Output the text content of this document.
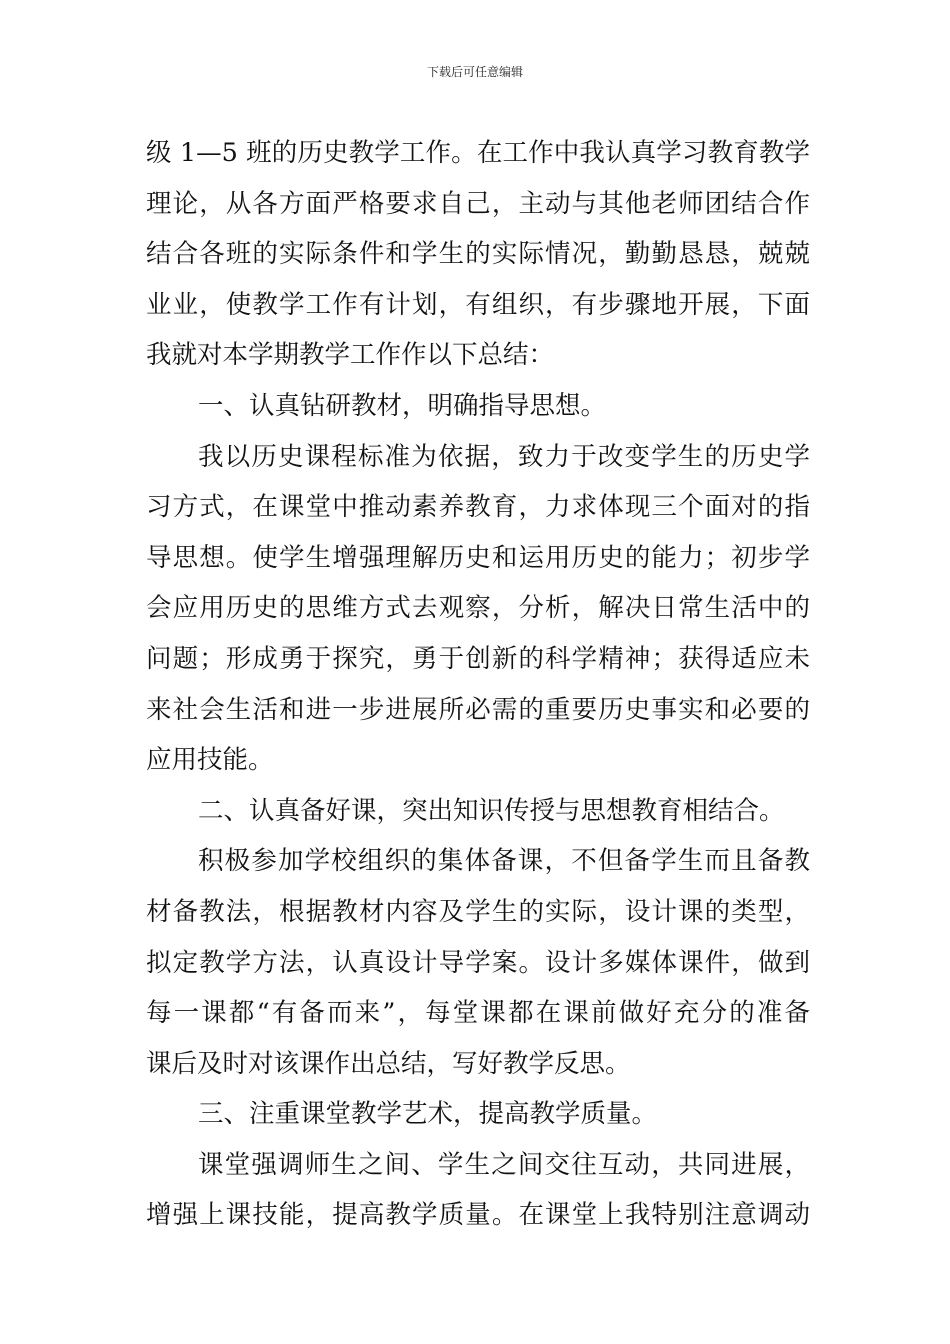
下载后可任意编辑
级 1—5 班的历史教学工作。在工作中我认真学习教育教学
理论，从各方面严格要求自己，主动与其他老师团结合作
结合各班的实际条件和学生的实际情况，勤勤恳恳，兢兢
业业，使教学工作有计划，有组织，有步骤地开展，下面
我就对本学期教学工作作以下总结：
一、认真钻研教材，明确指导思想。
我以历史课程标准为依据，致力于改变学生的历史学
习方式，在课堂中推动素养教育，力求体现三个面对的指
导思想。使学生增强理解历史和运用历史的能力；初步学
会应用历史的思维方式去观察，分析，解决日常生活中的
问题；形成勇于探究，勇于创新的科学精神；获得适应未
来社会生活和进一步进展所必需的重要历史事实和必要的
应用技能。
二、认真备好课，突出知识传授与思想教育相结合。
积极参加学校组织的集体备课，不但备学生而且备教
材备教法，根据教材内容及学生的实际，设计课的类型，
拟定教学方法，认真设计导学案。设计多媒体课件，做到
每一课都“有备而来”，每堂课都在课前做好充分的准备
课后及时对该课作出总结，写好教学反思。
三、注重课堂教学艺术，提高教学质量。
课堂强调师生之间、学生之间交往互动，共同进展，
增强上课技能，提高教学质量。在课堂上我特别注意调动
